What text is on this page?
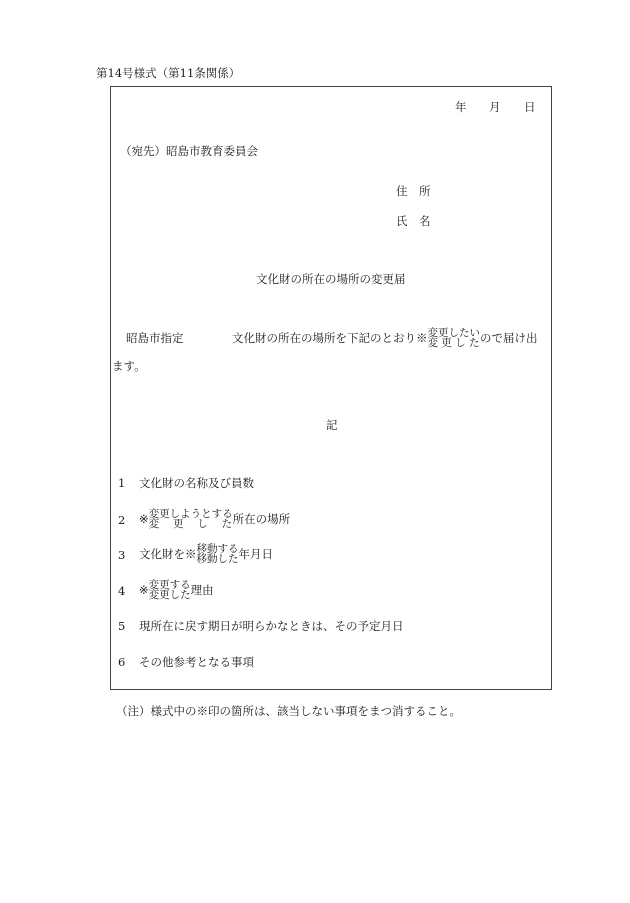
第14号様式（第11条関係）
年 月 日
（宛先）昭島市教育委員会
住　所
氏　名
文化財の所在の場所の変更届
昭島市指定	文化財の所在の場所を下記のとおり※ 変更したい
変 更 し た ので届け出
ます。
記
1 文化財の名称及び員数
2 ※ 変更しようとする
変　 更　 し　 た 所在の場所
3 文化財を※ 移動する
移動した 年月日
4 ※ 変更する
変更した 理由
5 現所在に戻す期日が明らかなときは、その予定月日
6 その他参考となる事項
（注）様式中の※印の箇所は、該当しない事項をまつ消すること。
